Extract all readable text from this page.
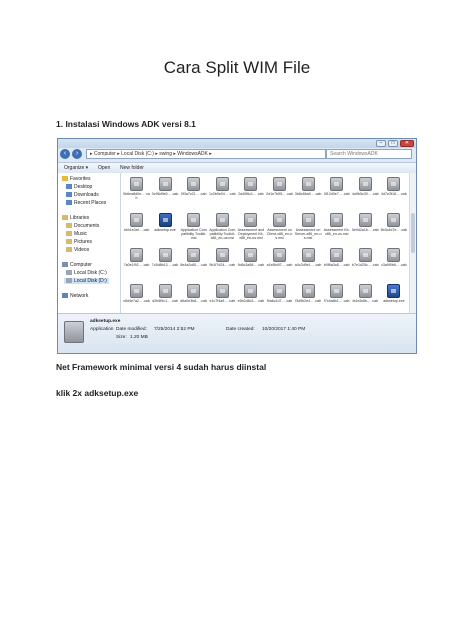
Cara Split WIM File
1. Instalasi Windows ADK versi 8.1
–	□	✕
‹	›	▸ Computer ▸ Local Disk (C:) ▸ swing ▸ WindowsADK ▸	Search WindowsADK
Organize ▾ Open New folder
Favorites
Desktop
Downloads
Recent Places
Libraries
Documents
Music
Pictures
Videos
Computer
Local Disk (C:)
Local Disk (D:)
Network
0b6ea8d0e... .cab
0c96d9e0... .cab 0f3a7c21... .cab 1c2b9e04... .cab 2a40f6c1... .cab 2d1e7b55... .cab 3b8c66a9... .cab 3f12d0e7... .cab 4a9b5c30... .cab 4d7e3f18... .cab
4eb1e0af... .cab	adksetup.exe	Application Compatibility Toolkit.msi
Application Compatibility Toolkit-x86_en-us.msi
Assessment and Deployment Kit-x86_en-us.msi
Assessment on Client-x86_en-us.msi
Assessment on Server-x86_en-us.msi
Assessment Kit-x86_en-us.msi
5e9d2a1b... .cab 6b3c4d7e... .cab
7a0e1f92... .cab 7c5d8b13... .cab 8e4a2c60... .cab 9b1f7d24... .cab 9d6c3a58... .cab a1e8b4f7... .cab a4c2d9e1... .cab b0f6a3c8... .cab b7e1d25c... .cab c3a9f0b6... .cab
c8d4e7a2... .cab d2b5f9c1... .cab d6a0e3b8... .cab e1c7f4a9... .cab e5b2d8c3... .cab f0a6c1d7... .cab f3d9b2e4... .cab f7c4a8b1... .cab fa1e5d9c... .cab	adksetup.exe
adksetup.exe
Application Date modified: 7/25/2014 2:52 PM
Size: 1.20 MB
Date created: 10/20/2017 1:40 PM
Net Framework minimal versi 4 sudah harus diinstal
klik 2x adksetup.exe
